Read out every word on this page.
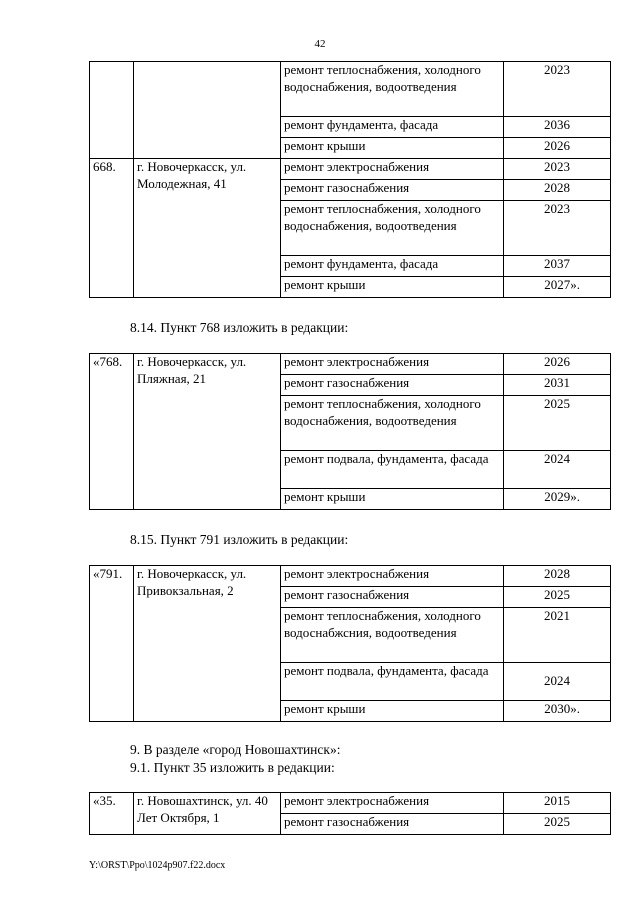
42
		ремонт теплоснабжения, холодного водоснабжения, водоотведения	2023
		ремонт фундамента, фасада	2036
		ремонт крыши	2026
668.	г. Новочеркасск, ул. Молодежная, 41	ремонт электроснабжения	2023
		ремонт газоснабжения	2028
		ремонт теплоснабжения, холодного водоснабжения, водоотведения	2023
		ремонт фундамента, фасада	2037
		ремонт крыши	2027».
8.14. Пункт 768 изложить в редакции:
«768.	г. Новочеркасск, ул. Пляжная, 21	ремонт электроснабжения	2026
		ремонт газоснабжения	2031
		ремонт теплоснабжения, холодного водоснабжения, водоотведения	2025
		ремонт подвала, фундамента, фасада	2024
		ремонт крыши	2029».
8.15. Пункт 791 изложить в редакции:
«791.	г. Новочеркасск, ул. Привокзальная, 2	ремонт электроснабжения	2028
		ремонт газоснабжения	2025
		ремонт теплоснабжения, холодного водоснабжсния, водоотведения	2021
		ремонт подвала, фундамента, фасада	2024
		ремонт крыши	2030».
9. В разделе «город Новошахтинск»:
9.1. Пункт 35 изложить в редакции:
«35.	г. Новошахтинск, ул. 40 Лет Октября, 1	ремонт электроснабжения	2015
		ремонт газоснабжения	2025
Y:\ORST\Ppo\1024p907.f22.docx
